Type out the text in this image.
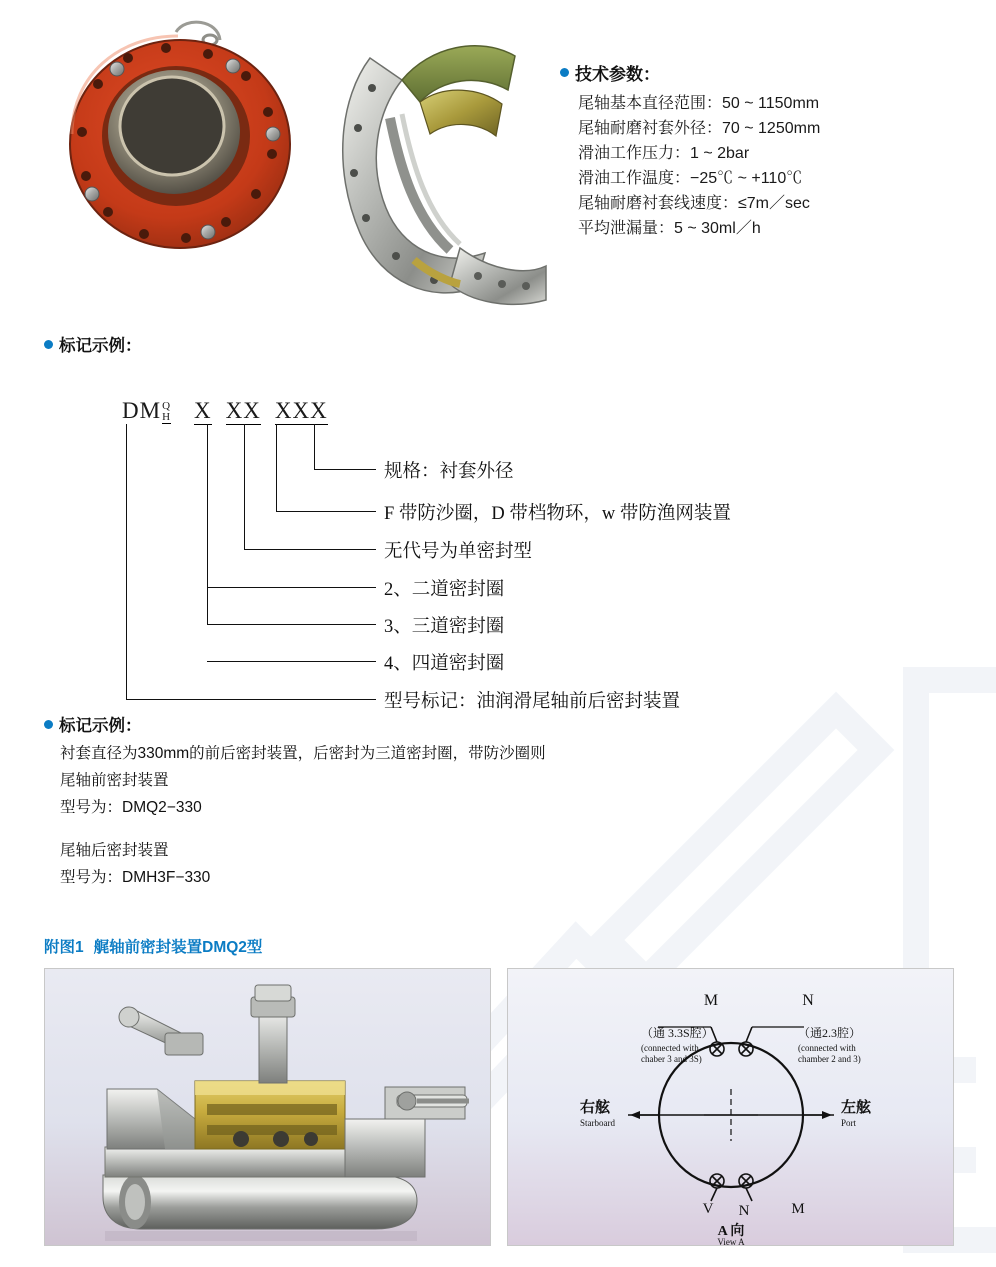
技术参数：
尾轴基本直径范围：50 ~ 1150mm
尾轴耐磨衬套外径：70 ~ 1250mm
滑油工作压力：1 ~ 2bar
滑油工作温度：−25℃ ~ +110℃
尾轴耐磨衬套线速度：≤7m／sec
平均泄漏量：5 ~ 30ml／h
标记示例：
DM Q
H X XX XXX
规格：衬套外径
F 带防沙圈，D 带档物环，w 带防渔网装置
无代号为单密封型
2、二道密封圈
3、三道密封圈
4、四道密封圈
型号标记：油润滑尾轴前后密封装置
标记示例：

衬套直径为330mm的前后密封装置，后密封为三道密封圈，带防沙圈则

尾轴前密封装置

型号为：DMQ2−330

尾轴后密封装置

型号为：DMH3F−330

附图1 艉轴前密封装置DMQ2型
M	N
（通 3.3S腔）
(connected with
chaber 3 and 3S)
（通2.3腔）
(connected with
chamber 2 and 3)
右舷
Starboard
左舷
Port
V N	M
A 向
View A
